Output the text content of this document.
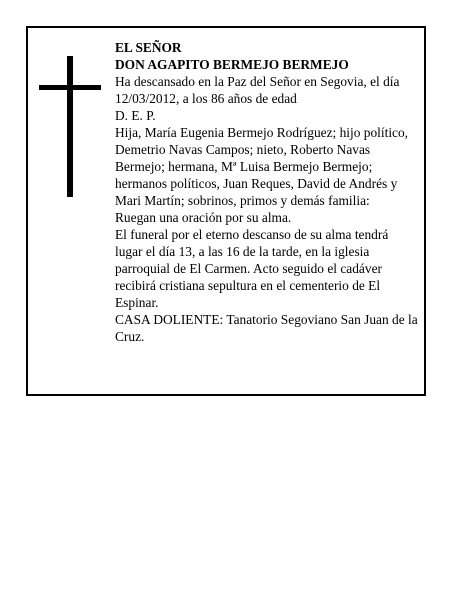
EL SEÑOR

DON AGAPITO BERMEJO BERMEJO

Ha descansado en la Paz del Señor en Segovia, el día 12/03/2012, a los 86 años de edad

D. E. P.

Hija, María Eugenia Bermejo Rodríguez; hijo político, Demetrio Navas Campos; nieto, Roberto Navas Bermejo; hermana, Mª Luisa Bermejo Bermejo; hermanos políticos, Juan Reques, David de Andrés y Mari Martín; sobrinos, primos y demás familia:

Ruegan una oración por su alma.

El funeral por el eterno descanso de su alma tendrá lugar el día 13, a las 16 de la tarde, en la iglesia parroquial de El Carmen. Acto seguido el cadáver recibirá cristiana sepultura en el cementerio de El Espinar.

CASA DOLIENTE: Tanatorio Segoviano San Juan de la Cruz.
